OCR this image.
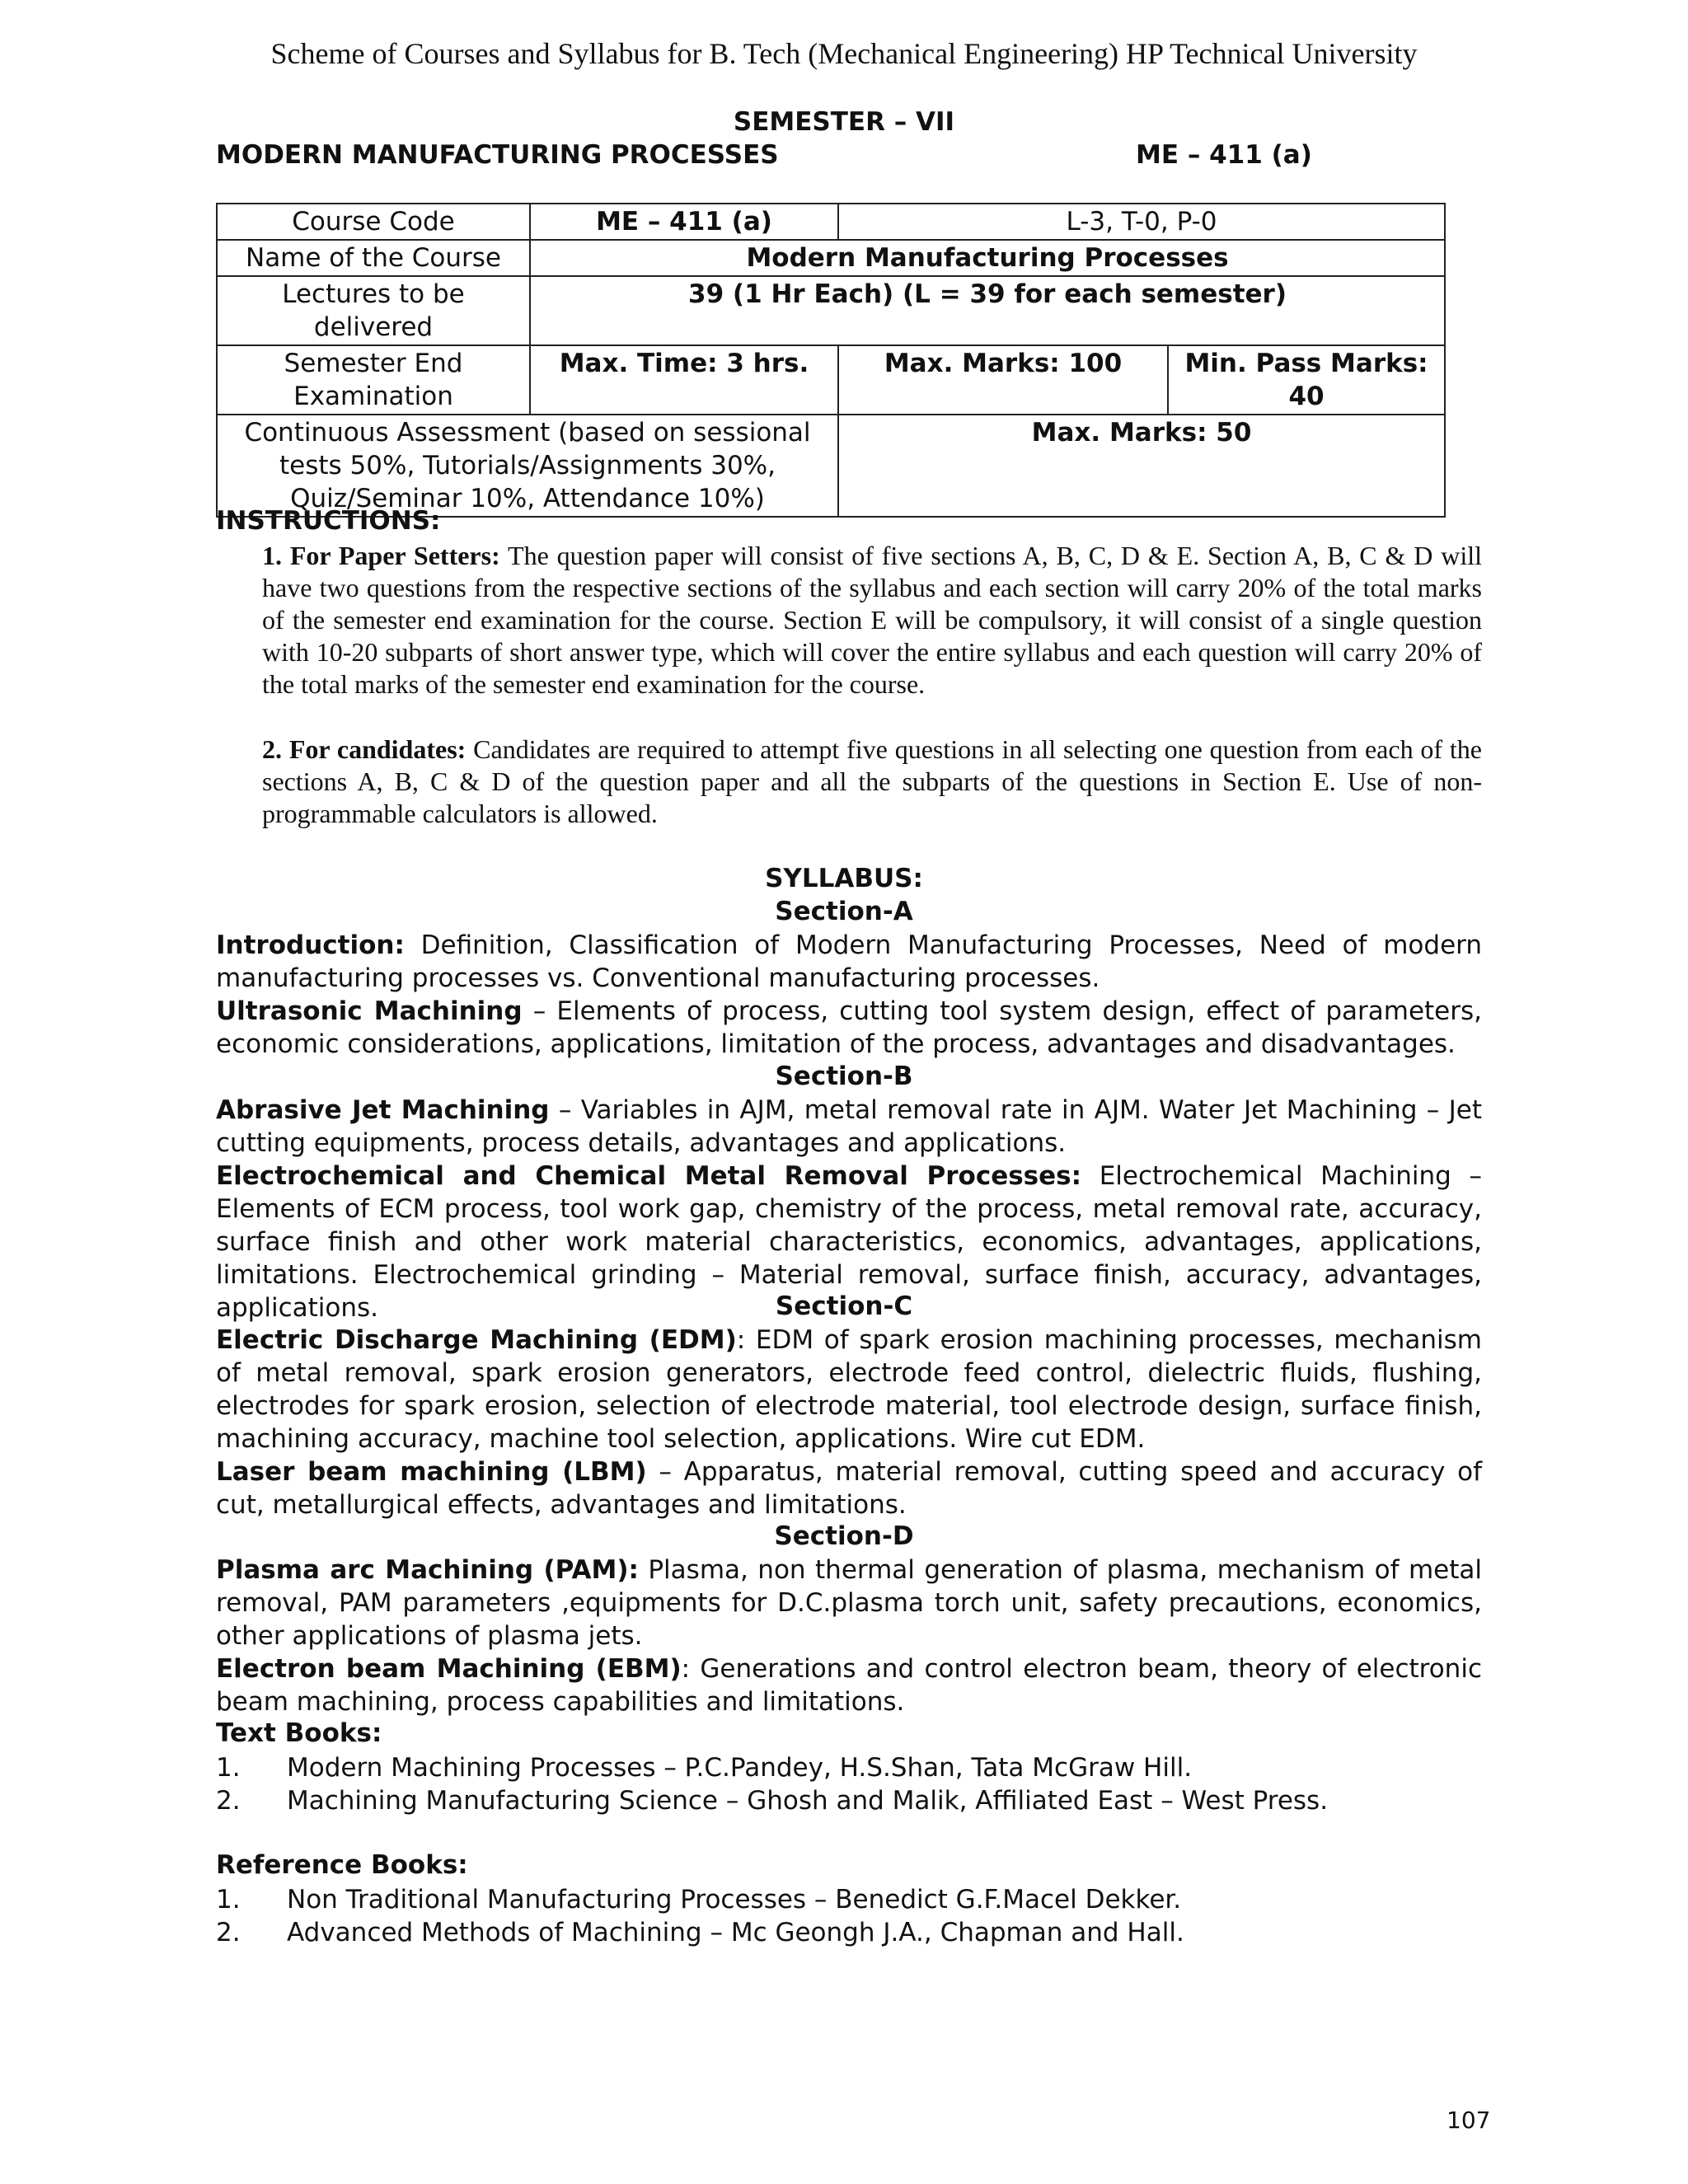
Scheme of Courses and Syllabus for B. Tech (Mechanical Engineering) HP Technical University
SEMESTER – VII
MODERN MANUFACTURING PROCESSES	ME – 411 (a)
Course Code	ME – 411 (a)	L-3, T-0, P-0	
Name of the Course	Modern Manufacturing Processes		
Lectures to be delivered	39 (1 Hr Each) (L = 39 for each semester)		
Semester End Examination	Max. Time: 3 hrs.	Max. Marks: 100	Min. Pass Marks: 40
Continuous Assessment (based on sessional tests 50%, Tutorials/Assignments 30%, Quiz/Seminar 10%, Attendance 10%)		Max. Marks: 50	
INSTRUCTIONS:
1. For Paper Setters: The question paper will consist of five sections A, B, C, D & E. Section A, B, C & D will have two questions from the respective sections of the syllabus and each section will carry 20% of the total marks of the semester end examination for the course. Section E will be compulsory, it will consist of a single question with 10-20 subparts of short answer type, which will cover the entire syllabus and each question will carry 20% of the total marks of the semester end examination for the course.
2. For candidates: Candidates are required to attempt five questions in all selecting one question from each of the sections A, B, C & D of the question paper and all the subparts of the questions in Section E. Use of non-programmable calculators is allowed.
SYLLABUS:
Section-A

Introduction: Definition, Classification of Modern Manufacturing Processes, Need of modern manufacturing processes vs. Conventional manufacturing processes.

Ultrasonic Machining – Elements of process, cutting tool system design, effect of parameters, economic considerations, applications, limitation of the process, advantages and disadvantages.

Section-B

Abrasive Jet Machining – Variables in AJM, metal removal rate in AJM. Water Jet Machining – Jet cutting equipments, process details, advantages and applications.

Electrochemical and Chemical Metal Removal Processes: Electrochemical Machining – Elements of ECM process, tool work gap, chemistry of the process, metal removal rate, accuracy, surface finish and other work material characteristics, economics, advantages, applications, limitations. Electrochemical grinding – Material removal, surface finish, accuracy, advantages, applications.	Section-C

Electric Discharge Machining (EDM): EDM of spark erosion machining processes, mechanism of metal removal, spark erosion generators, electrode feed control, dielectric fluids, flushing, electrodes for spark erosion, selection of electrode material, tool electrode design, surface finish, machining accuracy, machine tool selection, applications. Wire cut EDM.

Laser beam machining (LBM) – Apparatus, material removal, cutting speed and accuracy of cut, metallurgical effects, advantages and limitations.

Section-D

Plasma arc Machining (PAM): Plasma, non thermal generation of plasma, mechanism of metal removal, PAM parameters ,equipments for D.C.plasma torch unit, safety precautions, economics, other applications of plasma jets.

Electron beam Machining (EBM): Generations and control electron beam, theory of electronic beam machining, process capabilities and limitations.

Text Books:
1. Modern Machining Processes – P.C.Pandey, H.S.Shan, Tata McGraw Hill.
2. Machining Manufacturing Science – Ghosh and Malik, Affiliated East – West Press.
Reference Books:
1. Non Traditional Manufacturing Processes – Benedict G.F.Macel Dekker.
2. Advanced Methods of Machining – Mc Geongh J.A., Chapman and Hall.
107
